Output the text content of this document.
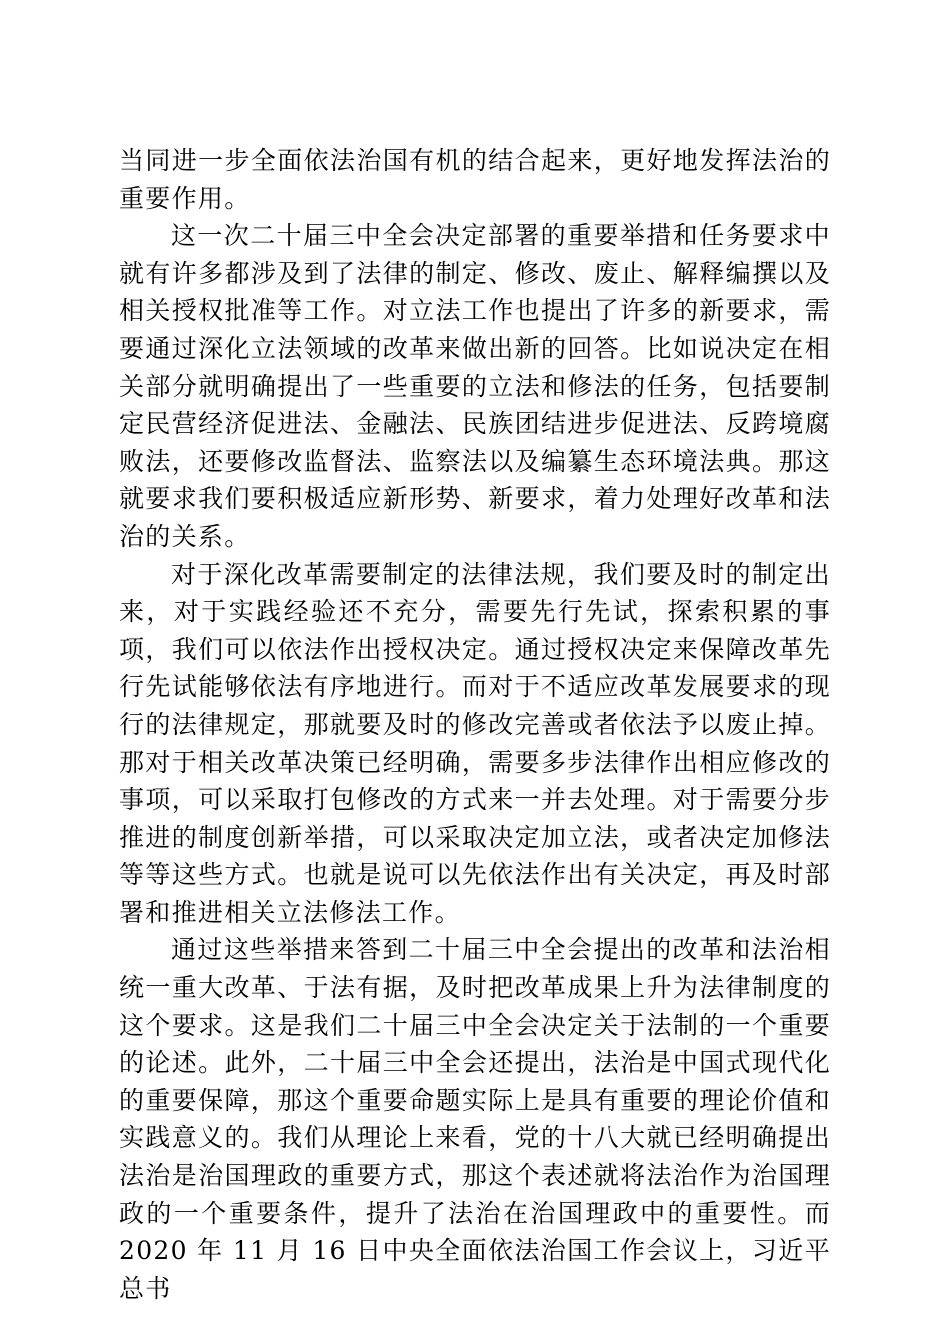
当同进一步全面依法治国有机的结合起来，更好地发挥法治的重要作用。

这一次二十届三中全会决定部署的重要举措和任务要求中就有许多都涉及到了法律的制定、修改、废止、解释编撰以及相关授权批准等工作。对立法工作也提出了许多的新要求，需要通过深化立法领域的改革来做出新的回答。比如说决定在相关部分就明确提出了一些重要的立法和修法的任务，包括要制定民营经济促进法、金融法、民族团结进步促进法、反跨境腐败法，还要修改监督法、监察法以及编纂生态环境法典。那这就要求我们要积极适应新形势、新要求，着力处理好改革和法治的关系。

对于深化改革需要制定的法律法规，我们要及时的制定出来，对于实践经验还不充分，需要先行先试，探索积累的事项，我们可以依法作出授权决定。通过授权决定来保障改革先行先试能够依法有序地进行。而对于不适应改革发展要求的现行的法律规定，那就要及时的修改完善或者依法予以废止掉。那对于相关改革决策已经明确，需要多步法律作出相应修改的事项，可以采取打包修改的方式来一并去处理。对于需要分步推进的制度创新举措，可以采取决定加立法，或者决定加修法等等这些方式。也就是说可以先依法作出有关决定，再及时部署和推进相关立法修法工作。

通过这些举措来答到二十届三中全会提出的改革和法治相统一重大改革、于法有据，及时把改革成果上升为法律制度的这个要求。这是我们二十届三中全会决定关于法制的一个重要的论述。此外，二十届三中全会还提出，法治是中国式现代化的重要保障，那这个重要命题实际上是具有重要的理论价值和实践意义的。我们从理论上来看，党的十八大就已经明确提出法治是治国理政的重要方式，那这个表述就将法治作为治国理政的一个重要条件，提升了法治在治国理政中的重要性。而2020 年 11 月 16 日中央全面依法治国工作会议上，习近平总书
